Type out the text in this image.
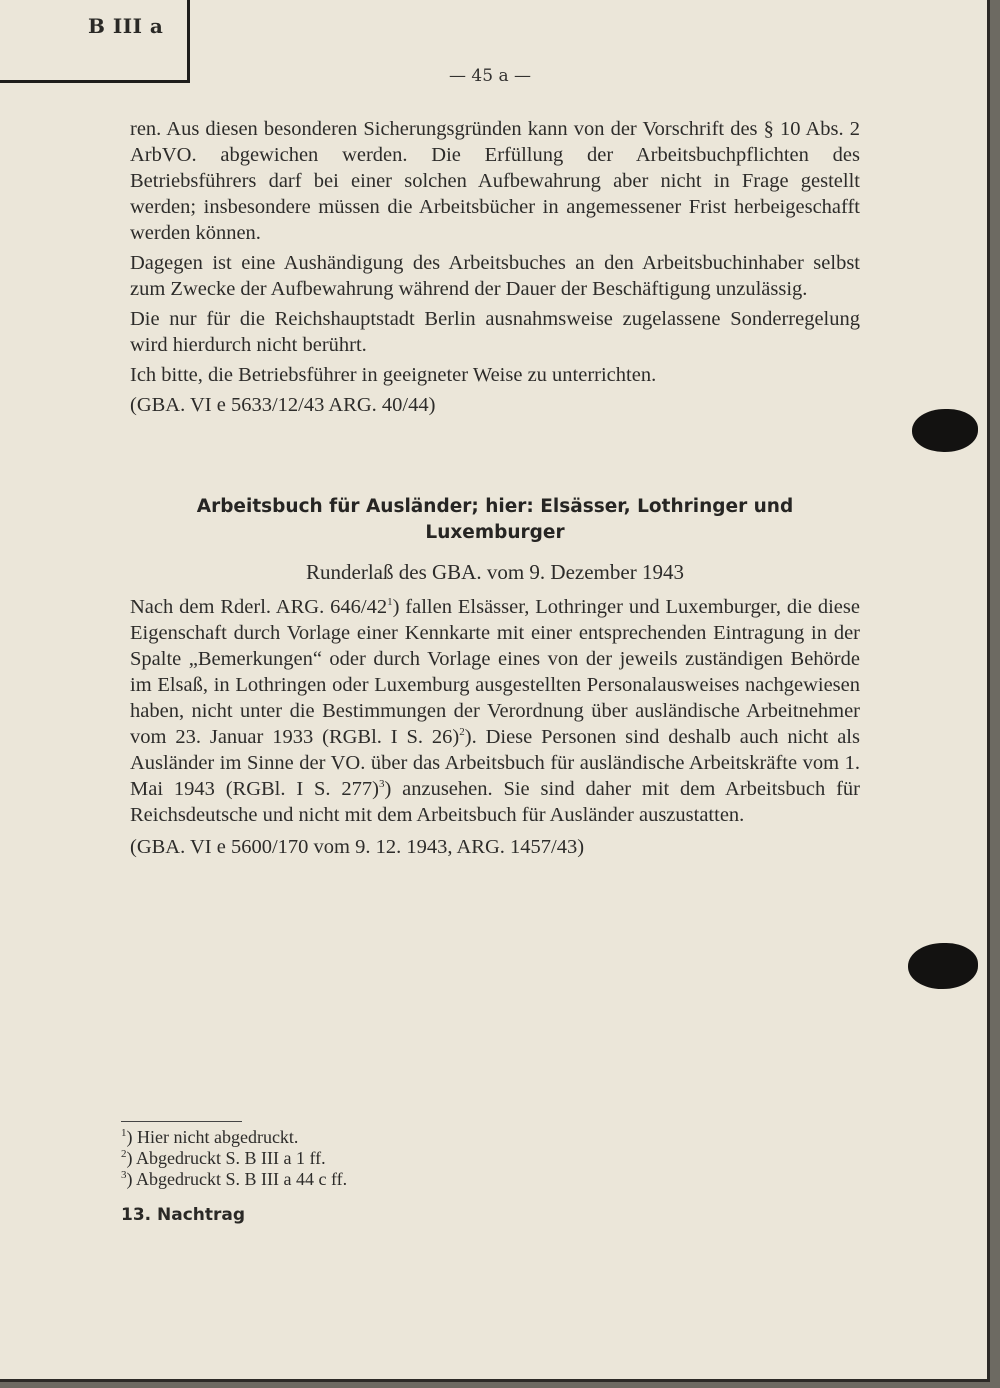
B III a
— 45 a —

ren. Aus diesen besonderen Sicherungsgründen kann von der Vorschrift des § 10 Abs. 2 ArbVO. abgewichen werden. Die Erfüllung der Arbeitsbuchpflichten des Betriebsführers darf bei einer solchen Aufbewahrung aber nicht in Frage gestellt werden; insbesondere müssen die Arbeitsbücher in angemessener Frist herbeigeschafft werden können.

Dagegen ist eine Aushändigung des Arbeitsbuches an den Arbeitsbuchinhaber selbst zum Zwecke der Aufbewahrung während der Dauer der Beschäftigung unzulässig.

Die nur für die Reichshauptstadt Berlin ausnahmsweise zugelassene Sonderregelung wird hierdurch nicht berührt.

Ich bitte, die Betriebsführer in geeigneter Weise zu unterrichten.

(GBA. VI e 5633/12/43 ARG. 40/44)

Arbeitsbuch für Ausländer; hier: Elsässer, Lothringer und Luxemburger
Runderlaß des GBA. vom 9. Dezember 1943

Nach dem Rderl. ARG. $646/42^1$) fallen Elsässer, Lothringer und Luxemburger, die diese Eigenschaft durch Vorlage einer Kennkarte mit einer entsprechenden Eintragung in der Spalte „Bemerkungen“ oder durch Vorlage eines von der jeweils zuständigen Behörde im Elsaß, in Lothringen oder Luxemburg ausgestellten Personalausweises nachgewiesen haben, nicht unter die Bestimmungen der Verordnung über ausländische Arbeitnehmer vom 23. Januar 1933 (RGBl. I S. 26)$^2$). Diese Personen sind deshalb auch nicht als Ausländer im Sinne der VO. über das Arbeitsbuch für ausländische Arbeitskräfte vom 1. Mai 1943 (RGBl. I S. 277)$^3$) anzusehen. Sie sind daher mit dem Arbeitsbuch für Reichsdeutsche und nicht mit dem Arbeitsbuch für Ausländer auszustatten.

(GBA. VI e 5600/170 vom 9. 12. 1943, ARG. 1457/43)

$^1$) Hier nicht abgedruckt.
$^2$) Abgedruckt S. B III a 1 ff.
$^3$) Abgedruckt S. B III a 44 c ff.
13. Nachtrag
